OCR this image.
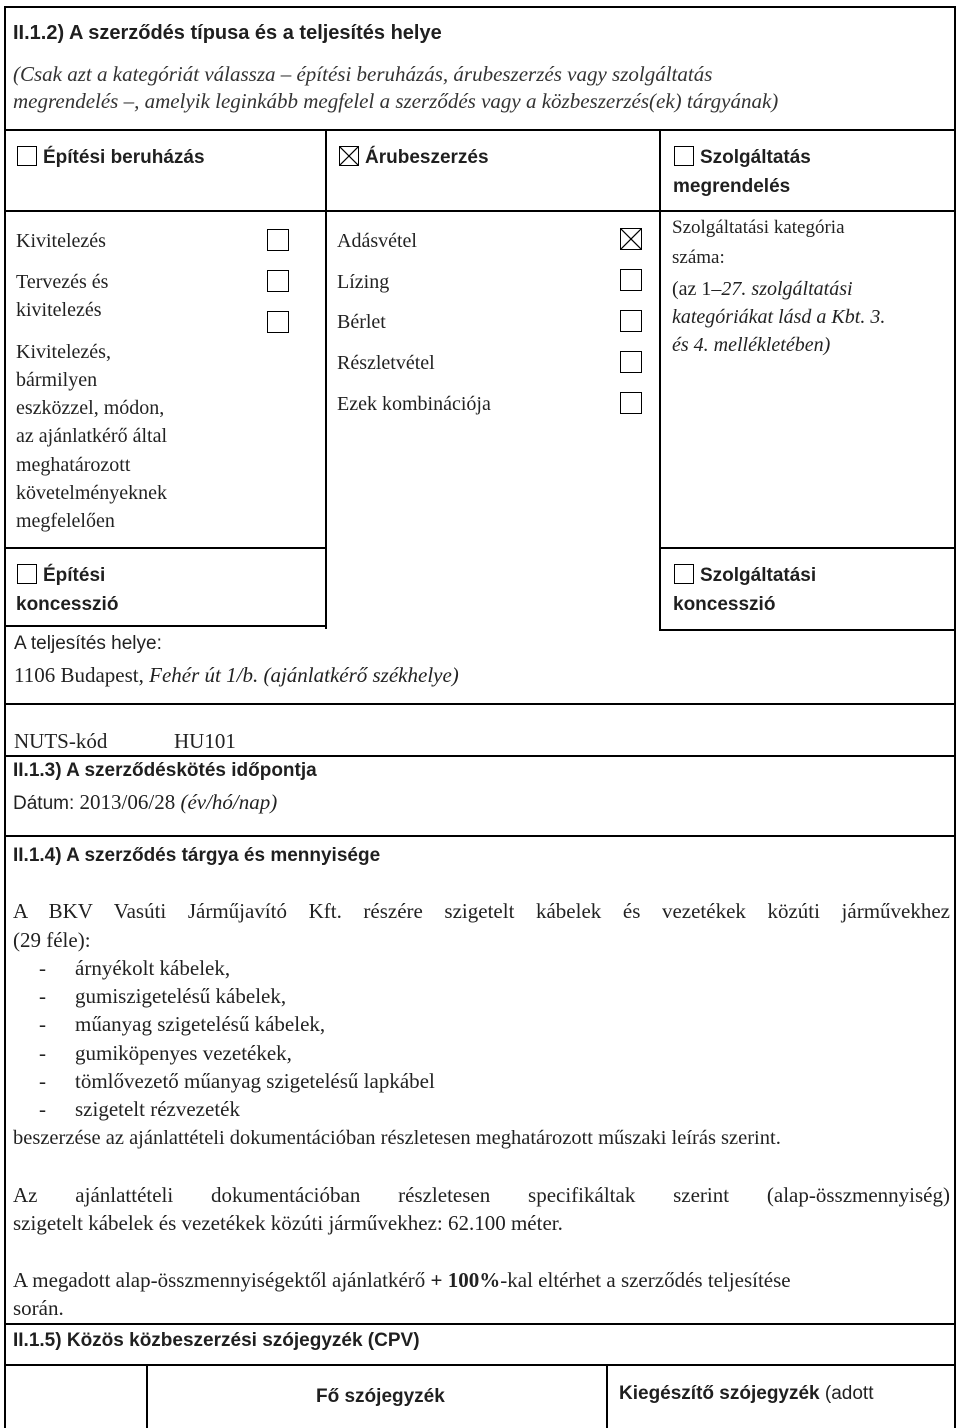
II.1.2) A szerződés típusa és a teljesítés helye
(Csak azt a kategóriát válassza – építési beruházás, árubeszerzés vagy szolgáltatás
megrendelés –, amelyik leginkább megfelel a szerződés vagy a közbeszerzés(ek) tárgyának)
Építési beruházás	Árubeszerzés	Szolgáltatás
megrendelés
Kivitelezés
Tervezés és
kivitelezés
Kivitelezés,
bármilyen
eszközzel, módon,
az ajánlatkérő által
meghatározott
követelményeknek
megfelelően
Adásvétel
Lízing
Bérlet
Részletvétel
Ezek kombinációja
Szolgáltatási kategória
száma:
(az 1–27. szolgáltatási
kategóriákat lásd a Kbt. 3.
és 4. mellékletében)
Építési
koncesszió
Szolgáltatási
koncesszió
A teljesítés helye:
1106 Budapest, Fehér út 1/b. (ajánlatkérő székhelye)
NUTS-kód	HU101
II.1.3) A szerződéskötés időpontja
Dátum: 2013/06/28 (év/hó/nap)
II.1.4) A szerződés tárgya és mennyisége
A BKV Vasúti Járműjavító Kft. részére szigetelt kábelek és vezetékek közúti járművekhez
(29 féle):
- árnyékolt kábelek,
- gumiszigetelésű kábelek,
- műanyag szigetelésű kábelek,
- gumiköpenyes vezetékek,
- tömlővezető műanyag szigetelésű lapkábel
- szigetelt rézvezeték
beszerzése az ajánlattételi dokumentációban részletesen meghatározott műszaki leírás szerint.
Az ajánlattételi dokumentációban részletesen specifikáltak szerint (alap-összmennyiség)
szigetelt kábelek és vezetékek közúti járművekhez: 62.100 méter.
A megadott alap-összmennyiségektől ajánlatkérő + 100%-kal eltérhet a szerződés teljesítése
során.
II.1.5) Közös közbeszerzési szójegyzék (CPV)
Fő szójegyzék	Kiegészítő szójegyzék (adott
